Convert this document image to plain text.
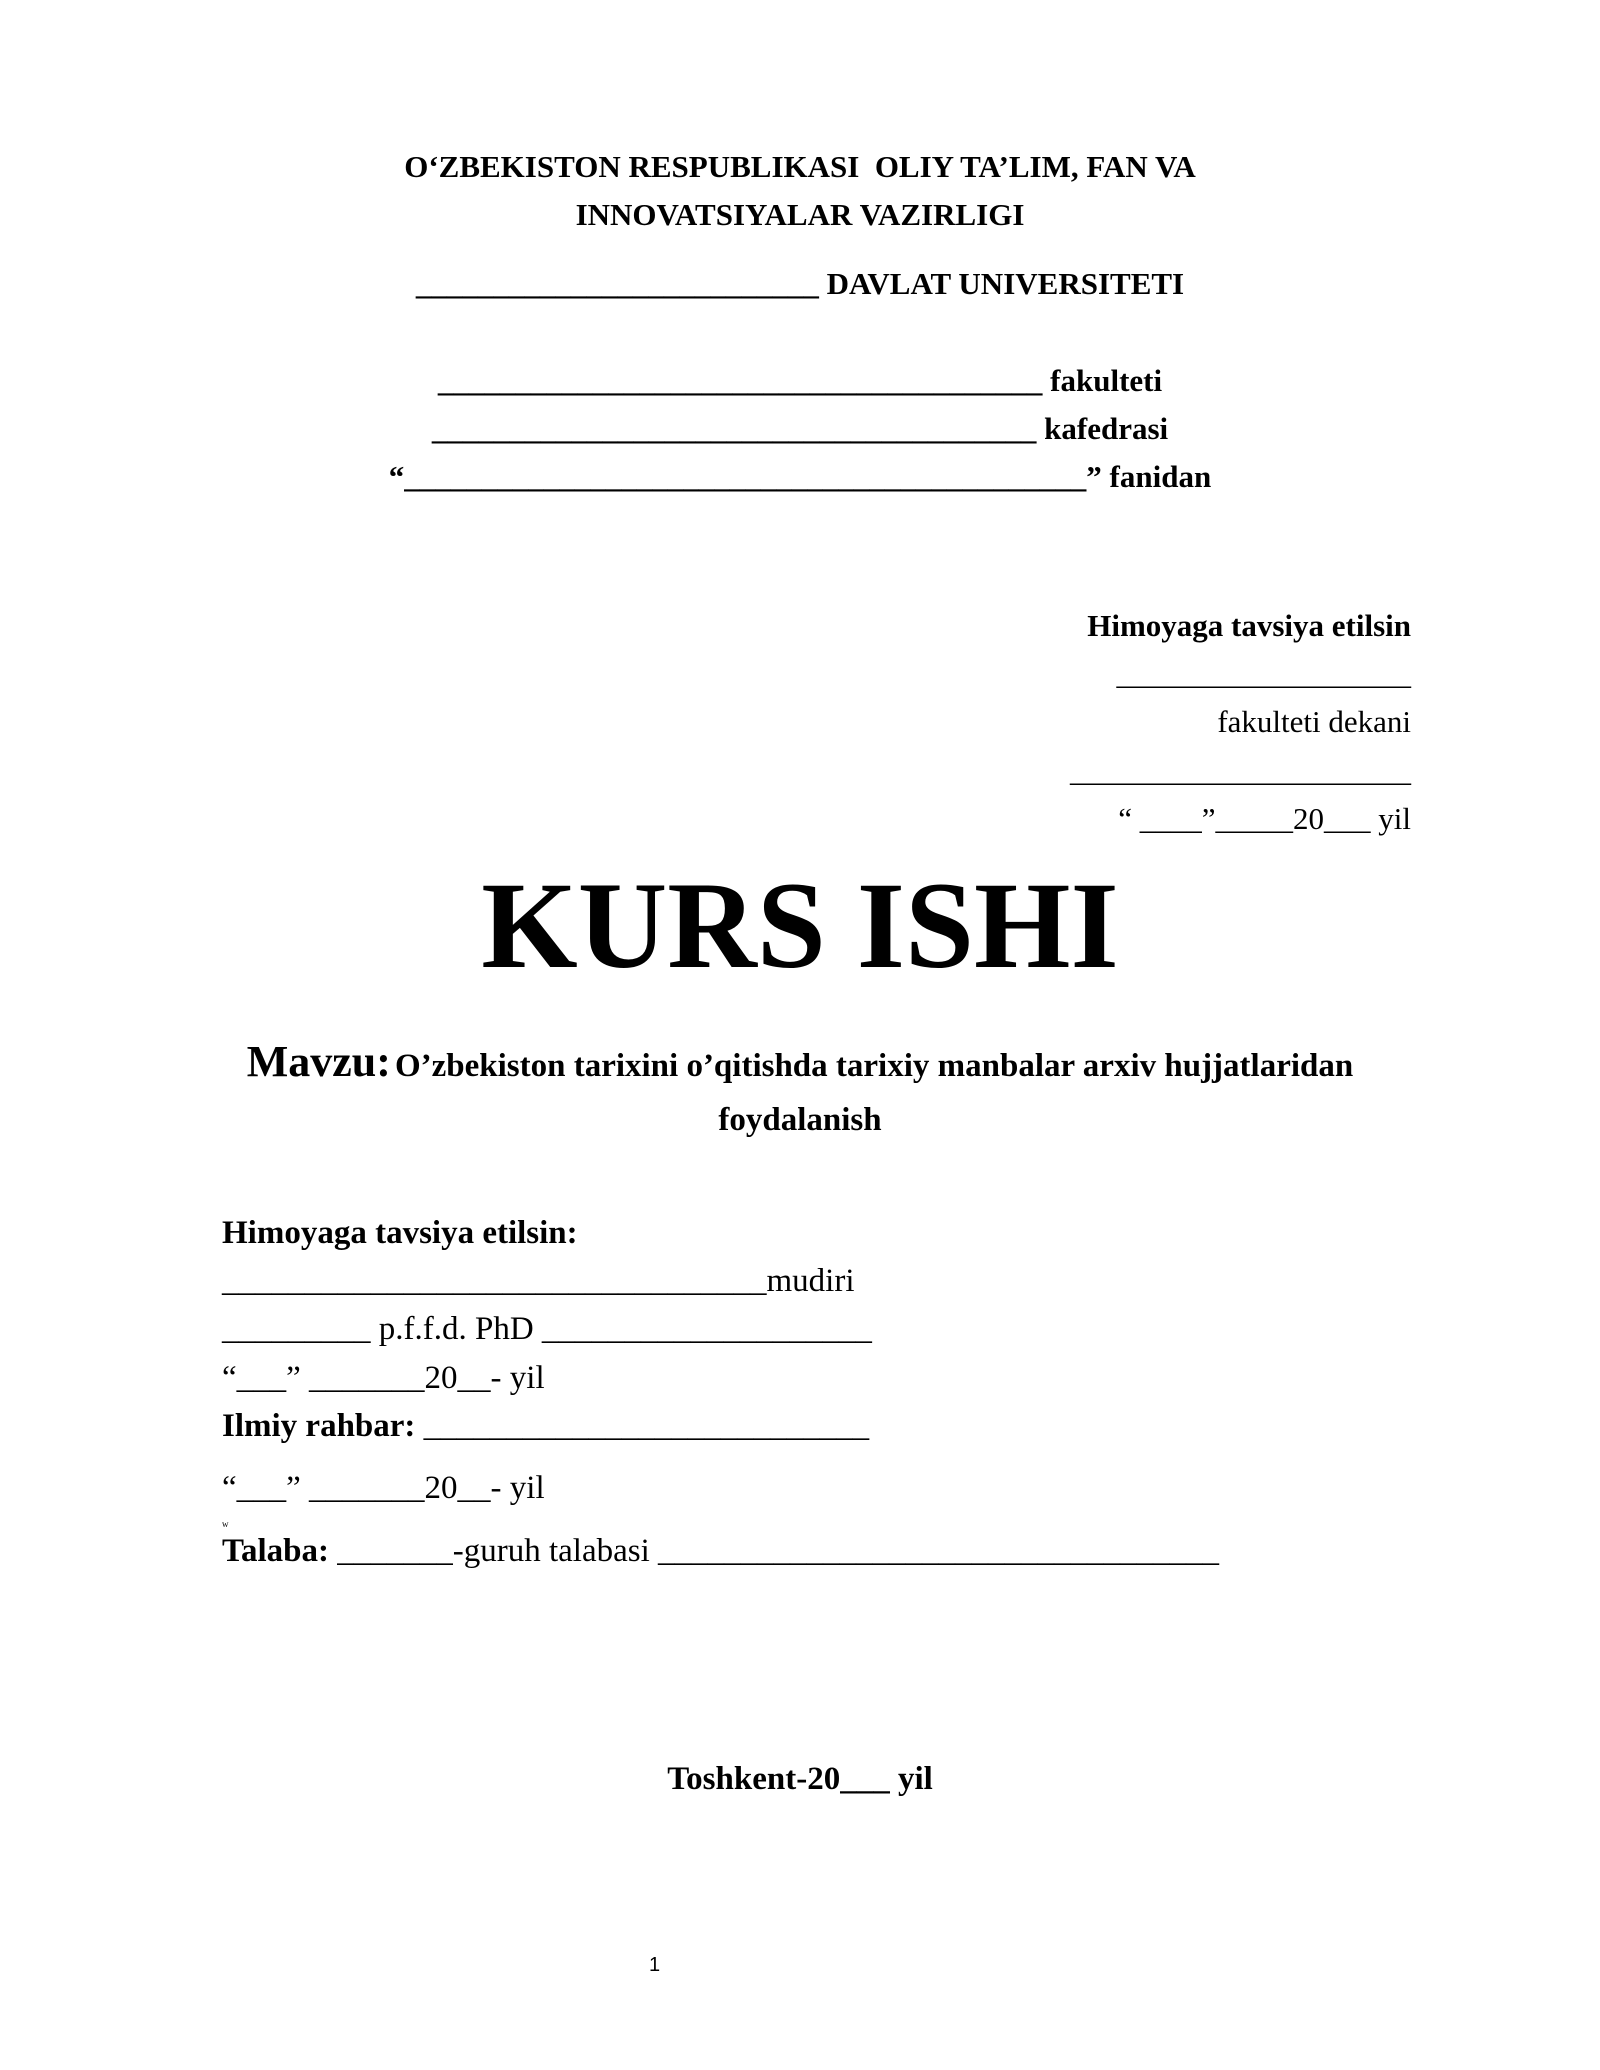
O‘ZBEKISTON RESPUBLIKASI  OLIY TA’LIM, FAN VA
INNOVATSIYALAR VAZIRLIGI
__________________________ DAVLAT UNIVERSITETI
_______________________________________ fakulteti
_______________________________________ kafedrasi
“____________________________________________” fanidan
Himoyaga tavsiya etilsin
___________________
fakulteti dekani
______________________
“ ____”_____20___ yil
KURS ISHI
Mavzu: O’zbekiston tarixini o’qitishda tarixiy manbalar arxiv hujjatlaridan
foydalanish
Himoyaga tavsiya etilsin:
_________________________________mudiri
_________ p.f.f.d. PhD ____________________
“___” _______20__- yil
Ilmiy rahbar: ___________________________
“___” _______20__- yil
w
Talaba: _______-guruh talabasi __________________________________
Toshkent-20___ yil
1
